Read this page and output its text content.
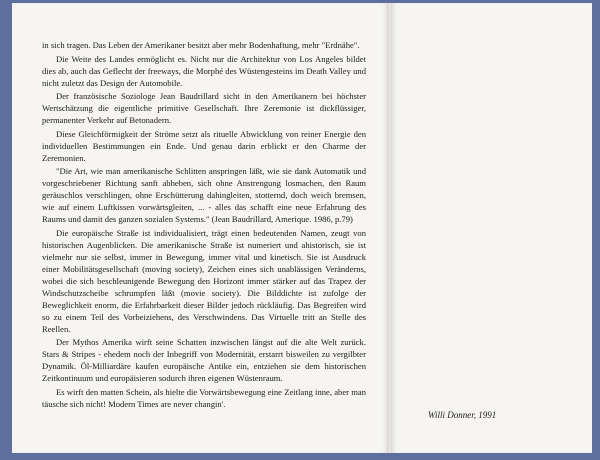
in sich tragen. Das Leben der Amerikaner besitzt aber mehr Bodenhaftung, mehr "Erdnähe".

Die Weite des Landes ermöglicht es. Nicht nur die Architektur von Los Angeles bildet dies ab, auch das Geflecht der freeways, die Morphé des Wüstengesteins im Death Valley und nicht zuletzt das Design der Automobile.

Der französische Soziologe Jean Baudrillard sicht in den Amerikanern bei höchster Wertschätzung die eigentliche primitive Gesellschaft. Ihre Zeremonie ist dickflüssiger, permanenter Verkehr auf Betonadern.

Diese Gleichförmigkeit der Ströme setzt als rituelle Abwicklung von reiner Energie den individuellen Bestimmungen ein Ende. Und genau darin erblickt er den Charme der Zeremonien.

"Die Art, wie man amerikanische Schlitten anspringen läßt, wie sie dank Automatik und vorgeschriebener Richtung sanft abheben, sich ohne Anstrengung losmachen, den Raum geräuschlos verschlingen, ohne Erschütterung dahingleiten, stotternd, doch weich bremsen, wie auf einem Luftkissen vorwärtsgleiten, ... - alles das schafft eine neue Erfahrung des Raums und damit des ganzen sozialen Systems." (Jean Baudrillard, Amerique. 1986, p.79)

Die europäische Straße ist individualisiert, trägt einen bedeutenden Namen, zeugt von historischen Augenblicken. Die amerikanische Straße ist numeriert und ahistorisch, sie ist vielmehr nur sie selbst, immer in Bewegung, immer vital und kinetisch. Sie ist Ausdruck einer Mobilitätsgesellschaft (moving society), Zeichen eines sich unablässigen Veränderns, wobei die sich beschleunigende Bewegung den Horizont immer stärker auf das Trapez der Windschutzscheibe schrumpfen läßt (movie society). Die Bilddichte ist zufolge der Beweglichkeit enorm, die Erfahrbarkeit dieser Bilder jedoch rückläufig. Das Begreifen wird so zu einem Teil des Vorbeiziehens, des Verschwindens. Das Virtuelle tritt an Stelle des Reellen.

Der Mythos Amerika wirft seine Schatten inzwischen längst auf die alte Welt zurück. Stars & Stripes - ehedem noch der Inbegriff von Modernität, erstarrt bisweilen zu vergilbter Dynamik. Öl-Milliardäre kaufen europäische Antike ein, entziehen sie dem historischen Zeitkontinuum und europäisieren sodurch ihren eigenen Wüstenraum.

Es wirft den matten Schein, als hielte die Vorwärtsbewegung eine Zeitlang inne, aber man täusche sich nicht! Modern Times are never changin'.

Willi Donner, 1991
